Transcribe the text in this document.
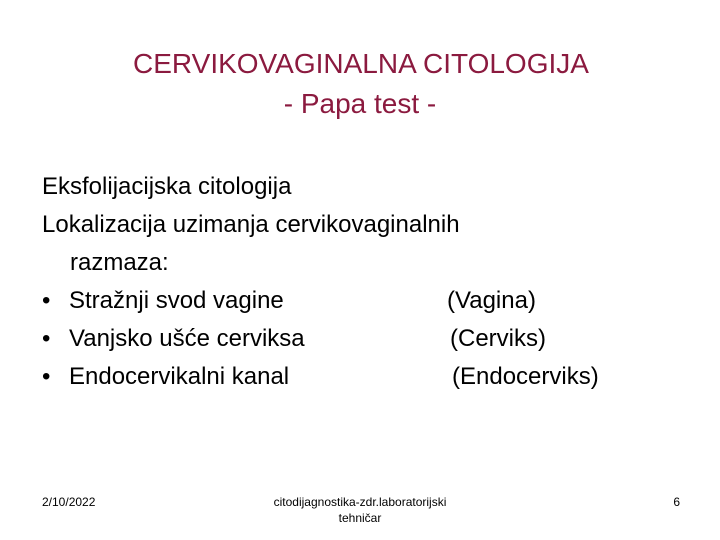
CERVIKOVAGINALNA CITOLOGIJA
- Papa test -
Eksfolijacijska citologija
Lokalizacija uzimanja cervikovaginalnih
razmaza:
• Stražnji svod vagine	(Vagina)
• Vanjsko ušće cerviksa	(Cerviks)
• Endocervikalni kanal	(Endocerviks)
2/10/2022	citodijagnostika-zdr.laboratorijski
tehničar
6
